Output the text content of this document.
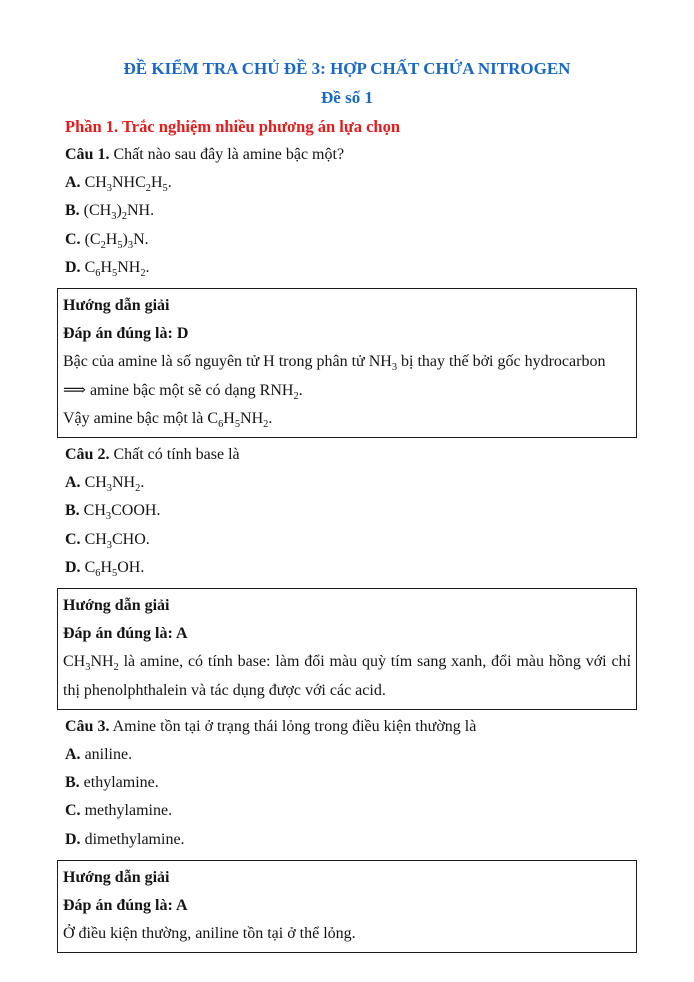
ĐỀ KIỂM TRA CHỦ ĐỀ 3: HỢP CHẤT CHỨA NITROGEN
Đề số 1
Phần 1. Trắc nghiệm nhiều phương án lựa chọn

Câu 1. Chất nào sau đây là amine bậc một?

A. $CH_3NHC_2H_5$.

B. $(CH_3)_2NH$.

C. $(C_2H_5)_3N$.

D. $C_6H_5NH_2$.

Hướng dẫn giải

Đáp án đúng là: D

Bậc của amine là số nguyên tử H trong phân tử $NH_3$ bị thay thế bởi gốc hydrocarbon

⟹ amine bậc một sẽ có dạng $RNH_2$.

Vậy amine bậc một là $C_6H_5NH_2$.

Câu 2. Chất có tính base là

A. $CH_3NH_2$.

B. $CH_3COOH$.

C. $CH_3CHO$.

D. $C_6H_5OH$.

Hướng dẫn giải

Đáp án đúng là: A

$CH_3NH_2$ là amine, có tính base: làm đổi màu quỳ tím sang xanh, đổi màu hồng với chỉ thị phenolphthalein và tác dụng được với các acid.

Câu 3. Amine tồn tại ở trạng thái lỏng trong điều kiện thường là

A. aniline.

B. ethylamine.

C. methylamine.

D. dimethylamine.

Hướng dẫn giải

Đáp án đúng là: A

Ở điều kiện thường, aniline tồn tại ở thể lỏng.
